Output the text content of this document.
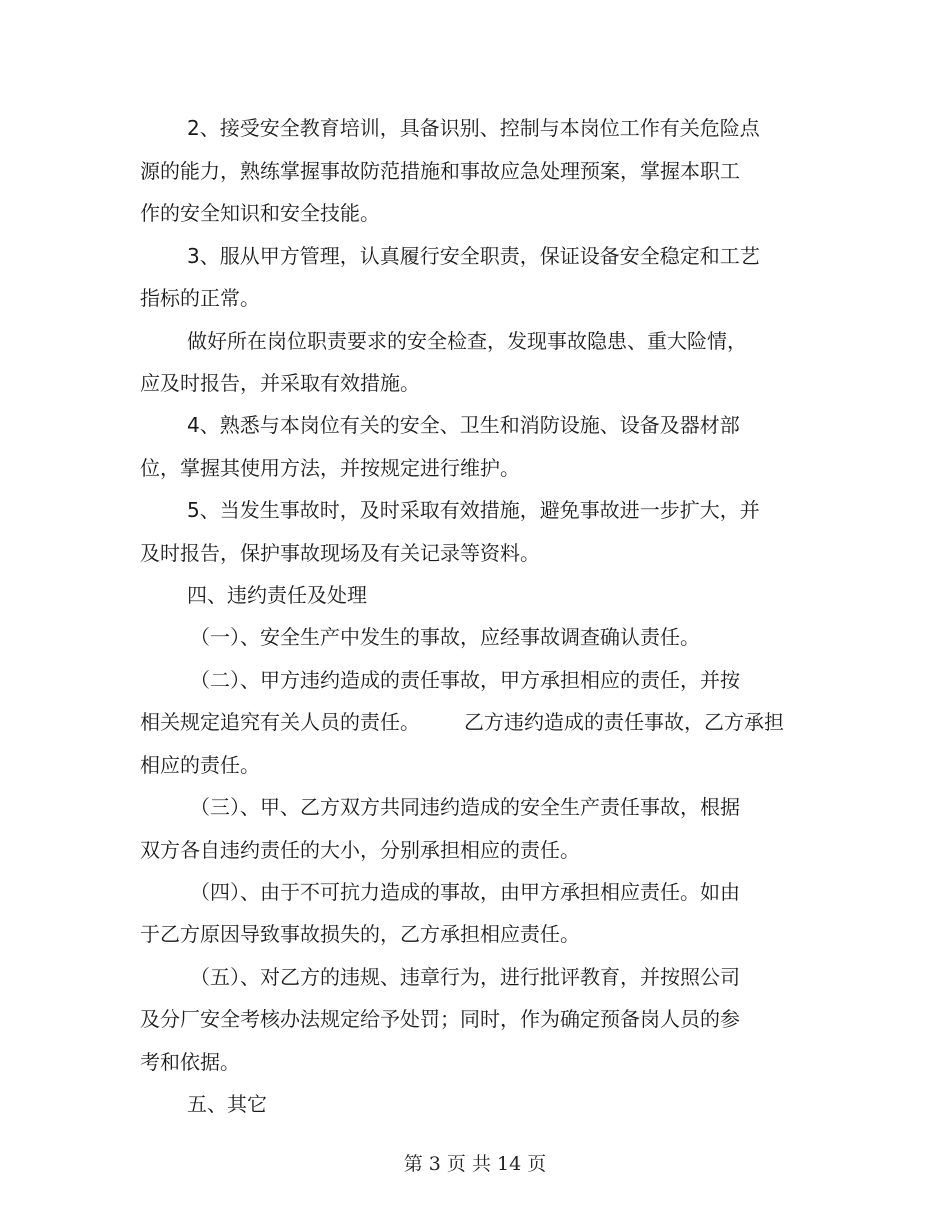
2、接受安全教育培训，具备识别、控制与本岗位工作有关危险点
源的能力，熟练掌握事故防范措施和事故应急处理预案，掌握本职工
作的安全知识和安全技能。
3、服从甲方管理，认真履行安全职责，保证设备安全稳定和工艺
指标的正常。
做好所在岗位职责要求的安全检查，发现事故隐患、重大险情，
应及时报告，并采取有效措施。
4、熟悉与本岗位有关的安全、卫生和消防设施、设备及器材部
位，掌握其使用方法，并按规定进行维护。
5、当发生事故时，及时采取有效措施，避免事故进一步扩大，并
及时报告，保护事故现场及有关记录等资料。
四、违约责任及处理
（一）、安全生产中发生的事故，应经事故调查确认责任。
（二）、甲方违约造成的责任事故，甲方承担相应的责任，并按
相关规定追究有关人员的责任。 乙方违约造成的责任事故，乙方承担
相应的责任。
（三）、甲、乙方双方共同违约造成的安全生产责任事故，根据
双方各自违约责任的大小，分别承担相应的责任。
（四）、由于不可抗力造成的事故，由甲方承担相应责任。如由
于乙方原因导致事故损失的，乙方承担相应责任。
（五）、对乙方的违规、违章行为，进行批评教育，并按照公司
及分厂安全考核办法规定给予处罚；同时，作为确定预备岗人员的参
考和依据。
五、其它
第 3 页 共 14 页
